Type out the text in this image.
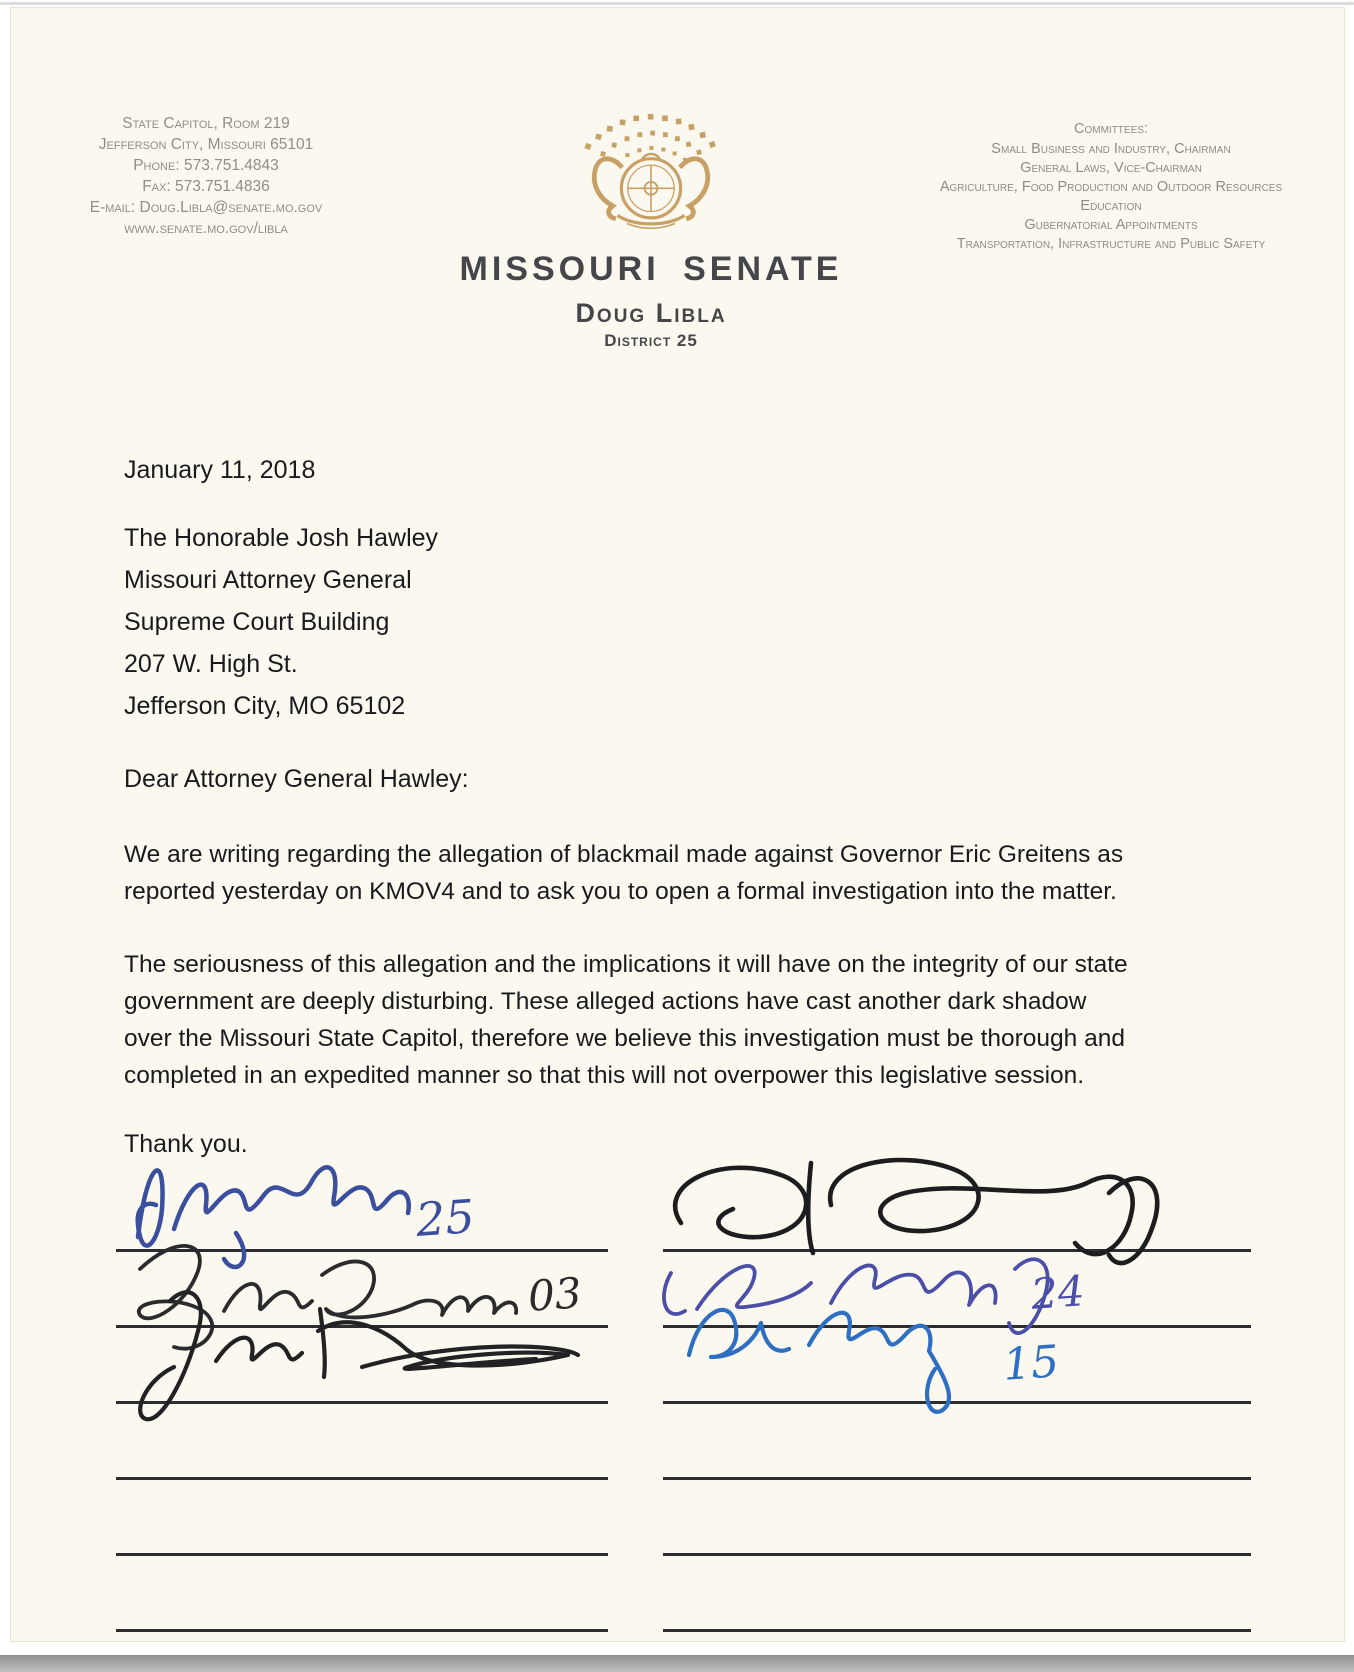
State Capitol, Room 219
Jefferson City, Missouri 65101
Phone: 573.751.4843
Fax: 573.751.4836
E-mail: Doug.Libla@senate.mo.gov
www.senate.mo.gov/libla
MISSOURI SENATE
Doug Libla
District 25
Committees:
Small Business and Industry, Chairman
General Laws, Vice-Chairman
Agriculture, Food Production and Outdoor Resources
Education
Gubernatorial Appointments
Transportation, Infrastructure and Public Safety
January 11, 2018
The Honorable Josh Hawley
Missouri Attorney General
Supreme Court Building
207 W. High St.
Jefferson City, MO 65102
Dear Attorney General Hawley:
We are writing regarding the allegation of blackmail made against Governor Eric Greitens as reported yesterday on KMOV4 and to ask you to open a formal investigation into the matter.
The seriousness of this allegation and the implications it will have on the integrity of our state government are deeply disturbing. These alleged actions have cast another dark shadow over the Missouri State Capitol, therefore we believe this investigation must be thorough and completed in an expedited manner so that this will not overpower this legislative session.
Thank you.
25
03	24
15
